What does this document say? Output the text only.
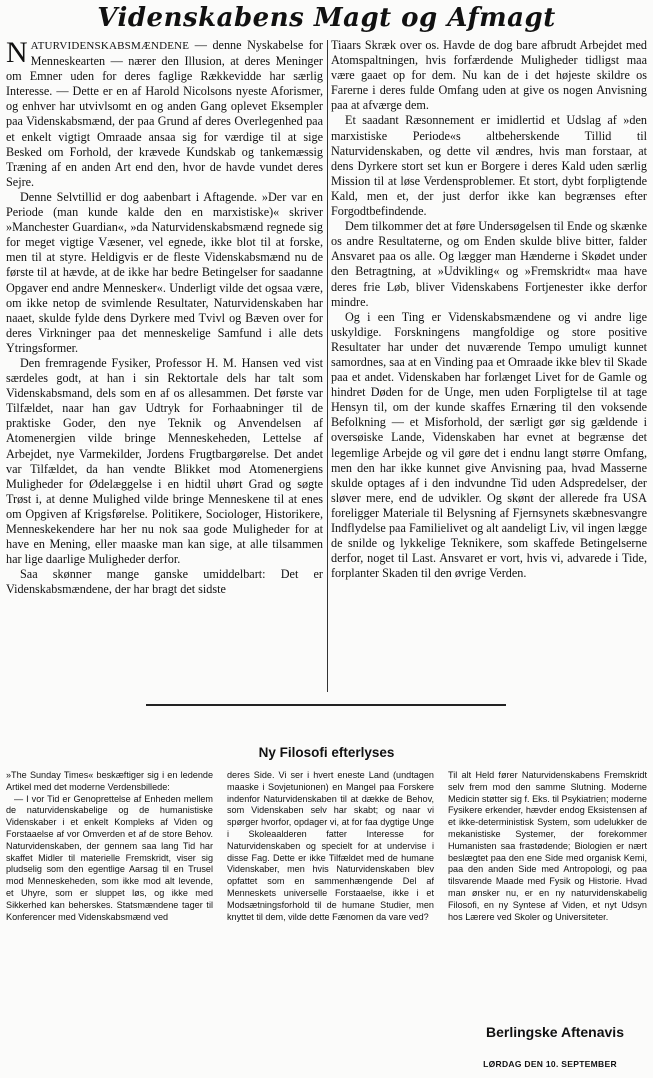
Videnskabens Magt og Afmagt

NATURVIDENSKABSMÆNDENE — denne Nyskabelse for Menneskearten — nærer den Illusion, at deres Meninger om Emner uden for deres faglige Rækkevidde har særlig Interesse. — Dette er en af Harold Nicolsons nyeste Aforismer, og enhver har utvivlsomt en og anden Gang oplevet Eksempler paa Videnskabsmænd, der paa Grund af deres Overlegenhed paa et enkelt vigtigt Omraade ansaa sig for værdige til at sige Besked om Forhold, der krævede Kundskab og tankemæssig Træning af en anden Art end den, hvor de havde vundet deres Sejre.

Denne Selvtillid er dog aabenbart i Aftagende. »Der var en Periode (man kunde kalde den en marxistiske)« skriver »Manchester Guardian«, »da Naturvidenskabsmænd regnede sig for meget vigtige Væsener, vel egnede, ikke blot til at forske, men til at styre. Heldigvis er de fleste Videnskabsmænd nu de første til at hævde, at de ikke har bedre Betingelser for saadanne Opgaver end andre Mennesker«. Underligt vilde det ogsaa være, om ikke netop de svimlende Resultater, Naturvidenskaben har naaet, skulde fylde dens Dyrkere med Tvivl og Bæven over for deres Virkninger paa det menneskelige Samfund i alle dets Ytringsformer.

Den fremragende Fysiker, Professor H. M. Hansen ved vist særdeles godt, at han i sin Rektortale dels har talt som Videnskabsmand, dels som en af os allesammen. Det første var Tilfældet, naar han gav Udtryk for Forhaabninger til de praktiske Goder, den nye Teknik og Anvendelsen af Atomenergien vilde bringe Menneskeheden, Lettelse af Arbejdet, nye Varmekilder, Jordens Frugtbargørelse. Det andet var Tilfældet, da han vendte Blikket mod Atomenergiens Muligheder for Ødelæggelse i en hidtil uhørt Grad og søgte Trøst i, at denne Mulighed vilde bringe Menneskene til at enes om Opgiven af Krigsførelse. Politikere, Sociologer, Historikere, Menneskekendere har her nu nok saa gode Muligheder for at have en Mening, eller maaske man kan sige, at alle tilsammen har lige daarlige Muligheder derfor.

Saa skønner mange ganske umiddelbart: Det er Videnskabsmændene, der har bragt det sidste

Tiaars Skræk over os. Havde de dog bare afbrudt Arbejdet med Atomspaltningen, hvis forfærdende Muligheder tidligst maa være gaaet op for dem. Nu kan de i det højeste skildre os Farerne i deres fulde Omfang uden at give os nogen Anvisning paa at afværge dem.

Et saadant Ræsonnement er imidlertid et Udslag af »den marxistiske Periode«s altbeherskende Tillid til Naturvidenskaben, og dette vil ændres, hvis man forstaar, at dens Dyrkere stort set kun er Borgere i deres Kald uden særlig Mission til at løse Verdensproblemer. Et stort, dybt forpligtende Kald, men et, der just derfor ikke kan begrænses efter Forgodtbefindende.

Dem tilkommer det at føre Undersøgelsen til Ende og skænke os andre Resultaterne, og om Enden skulde blive bitter, falder Ansvaret paa os alle. Og lægger man Hænderne i Skødet under den Betragtning, at »Udvikling« og »Fremskridt« maa have deres frie Løb, bliver Videnskabens Fortjenester ikke derfor mindre.

Og i een Ting er Videnskabsmændene og vi andre lige uskyldige. Forskningens mangfoldige og store positive Resultater har under det nuværende Tempo umuligt kunnet samordnes, saa at en Vinding paa et Omraade ikke blev til Skade paa et andet. Videnskaben har forlænget Livet for de Gamle og hindret Døden for de Unge, men uden Forpligtelse til at tage Hensyn til, om der kunde skaffes Ernæring til den voksende Befolkning — et Misforhold, der særligt gør sig gældende i oversøiske Lande, Videnskaben har evnet at begrænse det legemlige Arbejde og vil gøre det i endnu langt større Omfang, men den har ikke kunnet give Anvisning paa, hvad Masserne skulde optages af i den indvundne Tid uden Adspredelser, der sløver mere, end de udvikler. Og skønt der allerede fra USA foreligger Materiale til Belysning af Fjernsynets skæbnesvangre Indflydelse paa Familielivet og alt aandeligt Liv, vil ingen lægge de snilde og lykkelige Teknikere, som skaffede Betingelserne derfor, noget til Last. Ansvaret er vort, hvis vi, advarede i Tide, forplanter Skaden til den øvrige Verden.

Ny Filosofi efterlyses

»The Sunday Times« beskæftiger sig i en ledende Artikel med det moderne Verdensbillede:

— I vor Tid er Genoprettelse af Enheden mellem de naturvidenskabelige og de humanistiske Videnskaber i et enkelt Kompleks af Viden og Forstaaelse af vor Omverden et af de store Behov. Naturvidenskaben, der gennem saa lang Tid har skaffet Midler til materielle Fremskridt, viser sig pludselig som den egentlige Aarsag til en Trusel mod Menneskeheden, som ikke mod alt levende, et Uhyre, som er sluppet løs, og ikke med Sikkerhed kan beherskes. Statsmændene tager til Konferencer med Videnskabsmænd ved

deres Side. Vi ser i hvert eneste Land (undtagen maaske i Sovjetunionen) en Mangel paa Forskere indenfor Naturvidenskaben til at dække de Behov, som Videnskaben selv har skabt; og naar vi spørger hvorfor, opdager vi, at for faa dygtige Unge i Skoleaalderen fatter Interesse for Naturvidenskaben og specielt for at undervise i disse Fag. Dette er ikke Tilfældet med de humane Videnskaber, men hvis Naturvidenskaben blev opfattet som en sammenhængende Del af Menneskets universelle Forstaaelse, ikke i et Modsætningsforhold til de humane Studier, men knyttet til dem, vilde dette Fænomen da vare ved?

Til alt Held fører Naturvidenskabens Fremskridt selv frem mod den samme Slutning. Moderne Medicin støtter sig f. Eks. til Psykiatrien; moderne Fysikere erkender, hævder endog Eksistensen af et ikke-deterministisk System, som udelukker de mekanistiske Systemer, der forekommer Humanisten saa frastødende; Biologien er nært beslægtet paa den ene Side med organisk Kemi, paa den anden Side med Antropologi, og paa tilsvarende Maade med Fysik og Historie. Hvad man ønsker nu, er en ny naturvidenskabelig Filosofi, en ny Syntese af Viden, et nyt Udsyn hos Lærere ved Skoler og Universiteter.

Berlingske Aftenavis
LØRDAG DEN 10. SEPTEMBER
